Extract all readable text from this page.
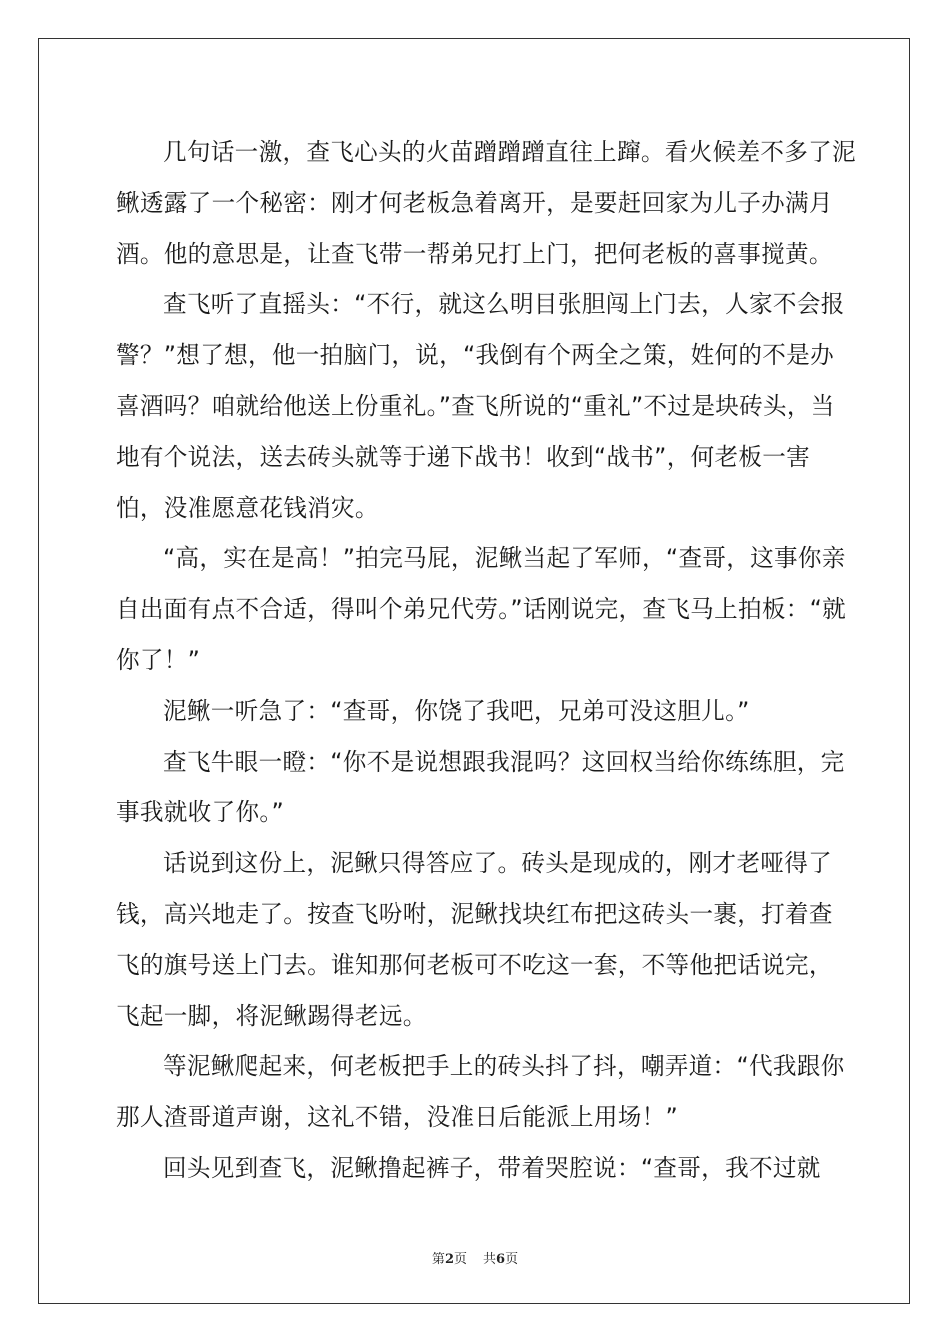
几句话一激，查飞心头的火苗蹭蹭蹭直往上蹿。看火候差不多了泥鳅透露了一个秘密：刚才何老板急着离开，是要赶回家为儿子办满月酒。他的意思是，让查飞带一帮弟兄打上门，把何老板的喜事搅黄。

查飞听了直摇头：“不行，就这么明目张胆闯上门去，人家不会报警？”想了想，他一拍脑门，说，“我倒有个两全之策，姓何的不是办喜酒吗？咱就给他送上份重礼。”查飞所说的“重礼”不过是块砖头，当地有个说法，送去砖头就等于递下战书！收到“战书”，何老板一害怕，没准愿意花钱消灾。

“高，实在是高！”拍完马屁，泥鳅当起了军师，“查哥，这事你亲自出面有点不合适，得叫个弟兄代劳。”话刚说完，查飞马上拍板：“就你了！”

泥鳅一听急了：“查哥，你饶了我吧，兄弟可没这胆儿。”

查飞牛眼一瞪：“你不是说想跟我混吗？这回权当给你练练胆，完事我就收了你。”

话说到这份上，泥鳅只得答应了。砖头是现成的，刚才老哑得了钱，高兴地走了。按查飞吩咐，泥鳅找块红布把这砖头一裹，打着查飞的旗号送上门去。谁知那何老板可不吃这一套，不等他把话说完，飞起一脚，将泥鳅踢得老远。

等泥鳅爬起来，何老板把手上的砖头抖了抖，嘲弄道：“代我跟你那人渣哥道声谢，这礼不错，没准日后能派上用场！”

回头见到查飞，泥鳅撸起裤子，带着哭腔说：“查哥，我不过就

第2页 共6页
